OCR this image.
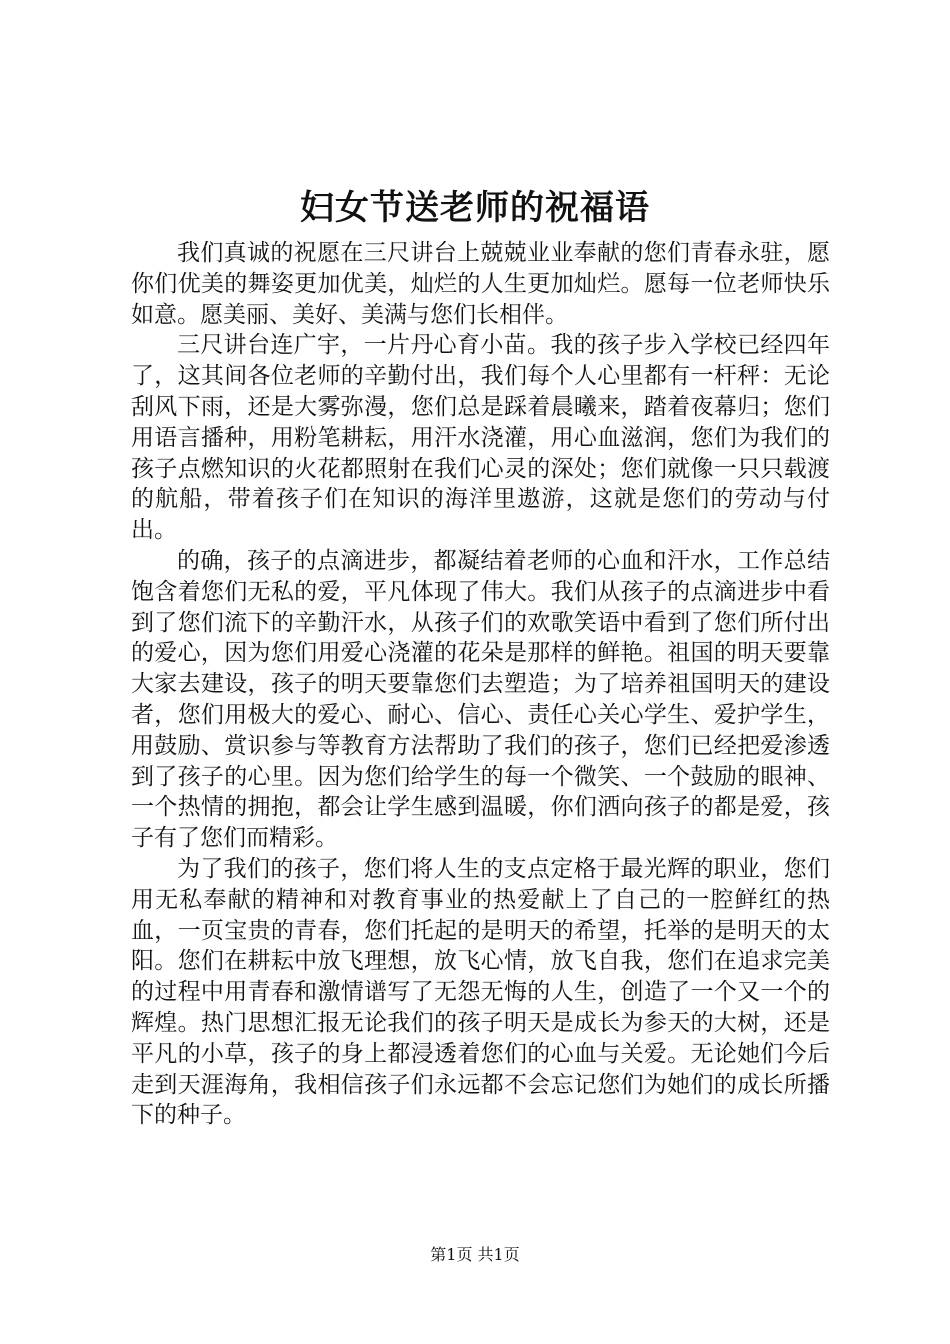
妇女节送老师的祝福语

我们真诚的祝愿在三尺讲台上兢兢业业奉献的您们青春永驻，愿你们优美的舞姿更加优美，灿烂的人生更加灿烂。愿每一位老师快乐如意。愿美丽、美好、美满与您们长相伴。

三尺讲台连广宇，一片丹心育小苗。我的孩子步入学校已经四年了，这其间各位老师的辛勤付出，我们每个人心里都有一杆秤：无论刮风下雨，还是大雾弥漫，您们总是踩着晨曦来，踏着夜幕归；您们用语言播种，用粉笔耕耘，用汗水浇灌，用心血滋润，您们为我们的孩子点燃知识的火花都照射在我们心灵的深处；您们就像一只只载渡的航船，带着孩子们在知识的海洋里遨游，这就是您们的劳动与付出。

的确，孩子的点滴进步，都凝结着老师的心血和汗水，工作总结饱含着您们无私的爱，平凡体现了伟大。我们从孩子的点滴进步中看到了您们流下的辛勤汗水，从孩子们的欢歌笑语中看到了您们所付出的爱心，因为您们用爱心浇灌的花朵是那样的鲜艳。祖国的明天要靠大家去建设，孩子的明天要靠您们去塑造；为了培养祖国明天的建设者，您们用极大的爱心、耐心、信心、责任心关心学生、爱护学生，用鼓励、赏识参与等教育方法帮助了我们的孩子，您们已经把爱渗透到了孩子的心里。因为您们给学生的每一个微笑、一个鼓励的眼神、一个热情的拥抱，都会让学生感到温暖，你们洒向孩子的都是爱，孩子有了您们而精彩。

为了我们的孩子，您们将人生的支点定格于最光辉的职业，您们用无私奉献的精神和对教育事业的热爱献上了自己的一腔鲜红的热血，一页宝贵的青春，您们托起的是明天的希望，托举的是明天的太阳。您们在耕耘中放飞理想，放飞心情，放飞自我，您们在追求完美的过程中用青春和激情谱写了无怨无悔的人生，创造了一个又一个的辉煌。热门思想汇报无论我们的孩子明天是成长为参天的大树，还是平凡的小草，孩子的身上都浸透着您们的心血与关爱。无论她们今后走到天涯海角，我相信孩子们永远都不会忘记您们为她们的成长所播下的种子。

第1页 共1页
